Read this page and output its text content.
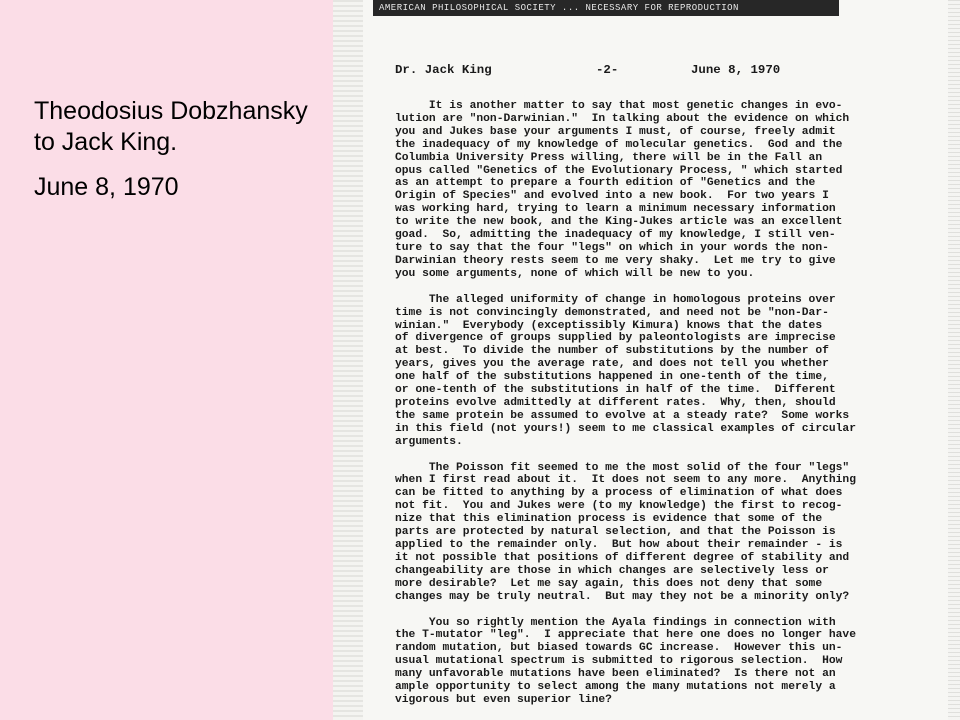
Theodosius Dobzhansky to Jack King.

June 8, 1970

AMERICAN PHILOSOPHICAL SOCIETY ... NECESSARY FOR REPRODUCTION
Dr. Jack King	-2-	June 8, 1970
It is another matter to say that most genetic changes in evo-
lution are "non-Darwinian."  In talking about the evidence on which
you and Jukes base your arguments I must, of course, freely admit
the inadequacy of my knowledge of molecular genetics.  God and the
Columbia University Press willing, there will be in the Fall an
opus called "Genetics of the Evolutionary Process, " which started
as an attempt to prepare a fourth edition of "Genetics and the
Origin of Species" and evolved into a new book.  For two years I
was working hard, trying to learn a minimum necessary information
to write the new book, and the King-Jukes article was an excellent
goad.  So, admitting the inadequacy of my knowledge, I still ven-
ture to say that the four "legs" on which in your words the non-
Darwinian theory rests seem to me very shaky.  Let me try to give
you some arguments, none of which will be new to you.
The alleged uniformity of change in homologous proteins over
time is not convincingly demonstrated, and need not be "non-Dar-
winian."  Everybody (exceptissibly Kimura) knows that the dates
of divergence of groups supplied by paleontologists are imprecise
at best.  To divide the number of substitutions by the number of
years, gives you the average rate, and does not tell you whether
one half of the substitutions happened in one-tenth of the time,
or one-tenth of the substitutions in half of the time.  Different
proteins evolve admittedly at different rates.  Why, then, should
the same protein be assumed to evolve at a steady rate?  Some works
in this field (not yours!) seem to me classical examples of circular
arguments.
The Poisson fit seemed to me the most solid of the four "legs"
when I first read about it.  It does not seem to any more.  Anything
can be fitted to anything by a process of elimination of what does
not fit.  You and Jukes were (to my knowledge) the first to recog-
nize that this elimination process is evidence that some of the
parts are protected by natural selection, and that the Poisson is
applied to the remainder only.  But how about their remainder - is
it not possible that positions of different degree of stability and
changeability are those in which changes are selectively less or
more desirable?  Let me say again, this does not deny that some
changes may be truly neutral.  But may they not be a minority only?
You so rightly mention the Ayala findings in connection with
the T-mutator "leg".  I appreciate that here one does no longer have
random mutation, but biased towards GC increase.  However this un-
usual mutational spectrum is submitted to rigorous selection.  How
many unfavorable mutations have been eliminated?  Is there not an
ample opportunity to select among the many mutations not merely a
vigorous but even superior line?
